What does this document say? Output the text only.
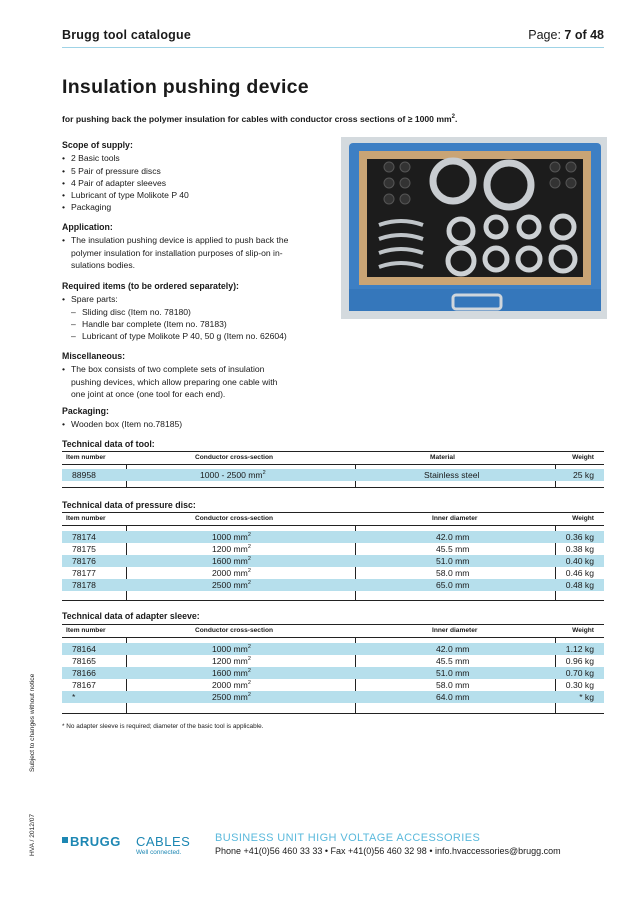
Brugg tool catalogue	Page: 7 of 48
Insulation pushing device
for pushing back the polymer insulation for cables with conductor cross sections of ≥ 1000 $mm^2$.
Scope of supply:
• 2 Basic tools
• 5 Pair of pressure discs
• 4 Pair of adapter sleeves
• Lubricant of type Molikote P 40
• Packaging
Application:
• The insulation pushing device is applied to push back the
polymer insulation for installation purposes of slip-on in-
sulations bodies.
Required items (to be ordered separately):
• Spare parts:
– Sliding disc (Item no. 78180)
– Handle bar complete (Item no. 78183)
– Lubricant of type Molikote P 40, 50 g (Item no. 62604)
Miscellaneous:
• The box consists of two complete sets of insulation
pushing devices, which allow preparing one cable with
one joint at once (one tool for each end).
Packaging:
• Wooden box (Item no.78185)
Technical data of tool:
Item number	Conductor cross-section	Material	Weight
88958	1000 - 2500 $mm^2$	Stainless steel	25 kg
Technical data of pressure disc:
Item number	Conductor cross-section	Inner diameter	Weight
78174	1000 $mm^2$	42.0 mm	0.36 kg
78175	1200 $mm^2$	45.5 mm	0.38 kg
78176	1600 $mm^2$	51.0 mm	0.40 kg
78177	2000 $mm^2$	58.0 mm	0.46 kg
78178	2500 $mm^2$	65.0 mm	0.48 kg
Technical data of adapter sleeve:
Item number	Conductor cross-section	Inner diameter	Weight
78164	1000 $mm^2$	42.0 mm	1.12 kg
78165	1200 $mm^2$	45.5 mm	0.96 kg
78166	1600 $mm^2$	51.0 mm	0.70 kg
78167	2000 $mm^2$	58.0 mm	0.30 kg
*	2500 $mm^2$	64.0 mm	* kg
* No adapter sleeve is required; diameter of the basic tool is applicable.
Subject to changes without notice
HVA / 2012/07	BRUGG CABLES
Well connected.
BUSINESS UNIT HIGH VOLTAGE ACCESSORIES
Phone +41(0)56 460 33 33 • Fax +41(0)56 460 32 98 • info.hvaccessories@brugg.com
